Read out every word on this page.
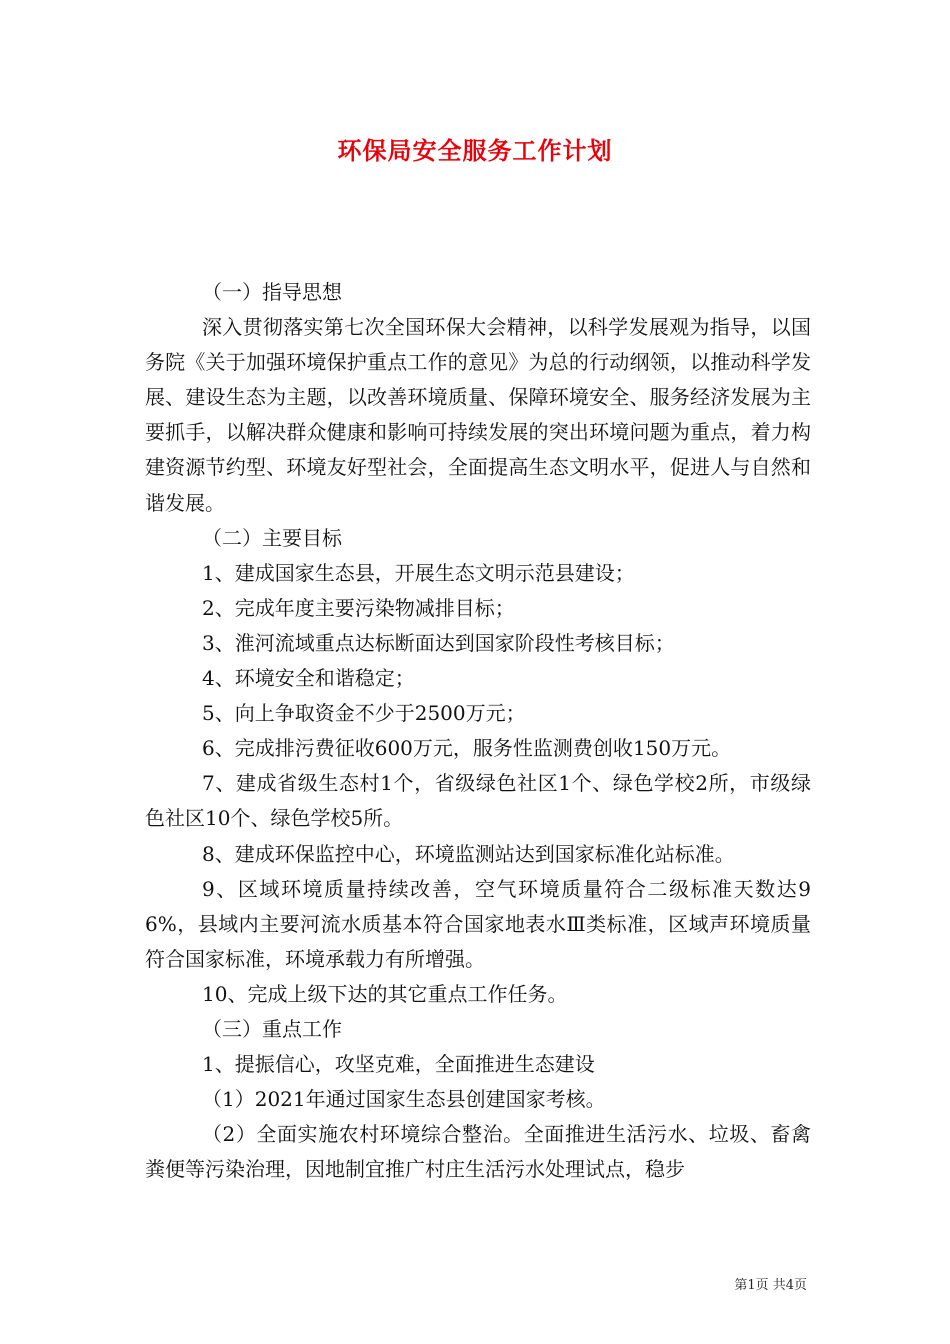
环保局安全服务工作计划

（一）指导思想

深入贯彻落实第七次全国环保大会精神，以科学发展观为指导，以国务院《关于加强环境保护重点工作的意见》为总的行动纲领，以推动科学发展、建设生态为主题，以改善环境质量、保障环境安全、服务经济发展为主要抓手，以解决群众健康和影响可持续发展的突出环境问题为重点，着力构建资源节约型、环境友好型社会，全面提高生态文明水平，促进人与自然和谐发展。

（二）主要目标

1、建成国家生态县，开展生态文明示范县建设；

2、完成年度主要污染物减排目标；

3、淮河流域重点达标断面达到国家阶段性考核目标；

4、环境安全和谐稳定；

5、向上争取资金不少于2500万元；

6、完成排污费征收600万元，服务性监测费创收150万元。

7、建成省级生态村1个，省级绿色社区1个、绿色学校2所，市级绿色社区10个、绿色学校5所。

8、建成环保监控中心，环境监测站达到国家标准化站标准。

9、区域环境质量持续改善，空气环境质量符合二级标准天数达96%，县域内主要河流水质基本符合国家地表水Ⅲ类标准，区域声环境质量符合国家标准，环境承载力有所增强。

10、完成上级下达的其它重点工作任务。

（三）重点工作

1、提振信心，攻坚克难，全面推进生态建设

（1）2021年通过国家生态县创建国家考核。

（2）全面实施农村环境综合整治。全面推进生活污水、垃圾、畜禽粪便等污染治理，因地制宜推广村庄生活污水处理试点，稳步

第1页 共4页
